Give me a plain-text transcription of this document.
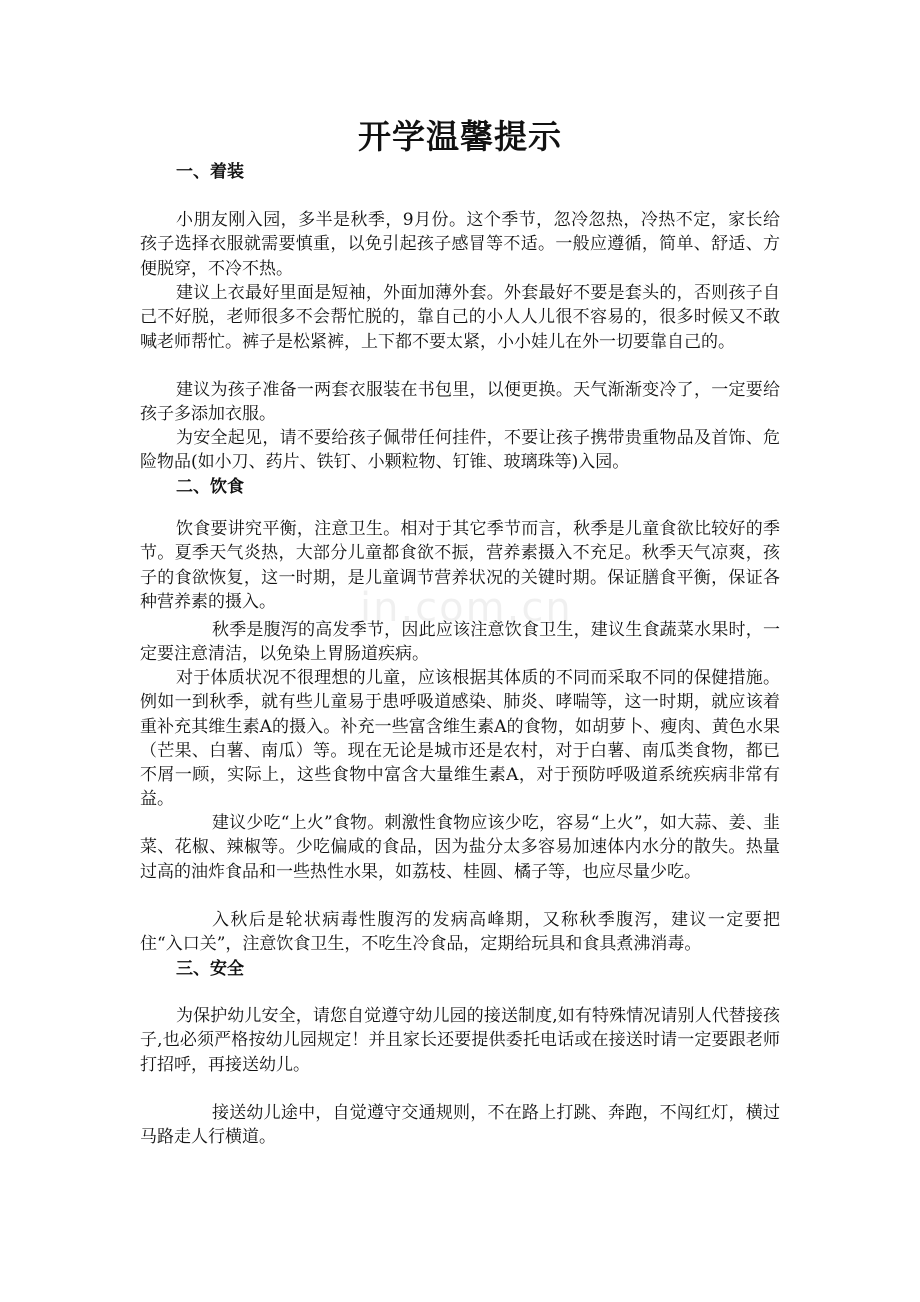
开学温馨提示
一、着装

小朋友刚入园，多半是秋季，9月份。这个季节，忽冷忽热，冷热不定，家长给孩子选择衣服就需要慎重，以免引起孩子感冒等不适。一般应遵循，简单、舒适、方便脱穿，不冷不热。

建议上衣最好里面是短袖，外面加薄外套。外套最好不要是套头的，否则孩子自己不好脱，老师很多不会帮忙脱的，靠自己的小人人儿很不容易的，很多时候又不敢喊老师帮忙。裤子是松紧裤，上下都不要太紧，小小娃儿在外一切要靠自己的。

建议为孩子准备一两套衣服装在书包里，以便更换。天气渐渐变冷了，一定要给孩子多添加衣服。

为安全起见，请不要给孩子佩带任何挂件，不要让孩子携带贵重物品及首饰、危险物品(如小刀、药片、铁钉、小颗粒物、钉锥、玻璃珠等)入园。

二、饮食

饮食要讲究平衡，注意卫生。相对于其它季节而言，秋季是儿童食欲比较好的季节。夏季天气炎热，大部分儿童都食欲不振，营养素摄入不充足。秋季天气凉爽，孩子的食欲恢复，这一时期，是儿童调节营养状况的关键时期。保证膳食平衡，保证各种营养素的摄入。

秋季是腹泻的高发季节，因此应该注意饮食卫生，建议生食蔬菜水果时，一定要注意清洁，以免染上胃肠道疾病。

对于体质状况不很理想的儿童，应该根据其体质的不同而采取不同的保健措施。例如一到秋季，就有些儿童易于患呼吸道感染、肺炎、哮喘等，这一时期，就应该着重补充其维生素A的摄入。补充一些富含维生素A的食物，如胡萝卜、瘦肉、黄色水果（芒果、白薯、南瓜）等。现在无论是城市还是农村，对于白薯、南瓜类食物，都已不屑一顾，实际上，这些食物中富含大量维生素A，对于预防呼吸道系统疾病非常有益。

建议少吃“上火”食物。刺激性食物应该少吃，容易“上火”，如大蒜、姜、韭菜、花椒、辣椒等。少吃偏咸的食品，因为盐分太多容易加速体内水分的散失。热量过高的油炸食品和一些热性水果，如荔枝、桂圆、橘子等，也应尽量少吃。

入秋后是轮状病毒性腹泻的发病高峰期，又称秋季腹泻，建议一定要把住“入口关”，注意饮食卫生，不吃生冷食品，定期给玩具和食具煮沸消毒。

三、安全

为保护幼儿安全，请您自觉遵守幼儿园的接送制度,如有特殊情况请别人代替接孩子,也必须严格按幼儿园规定！并且家长还要提供委托电话或在接送时请一定要跟老师打招呼，再接送幼儿。

接送幼儿途中，自觉遵守交通规则，不在路上打跳、奔跑，不闯红灯，横过马路走人行横道。

in.com.cn
